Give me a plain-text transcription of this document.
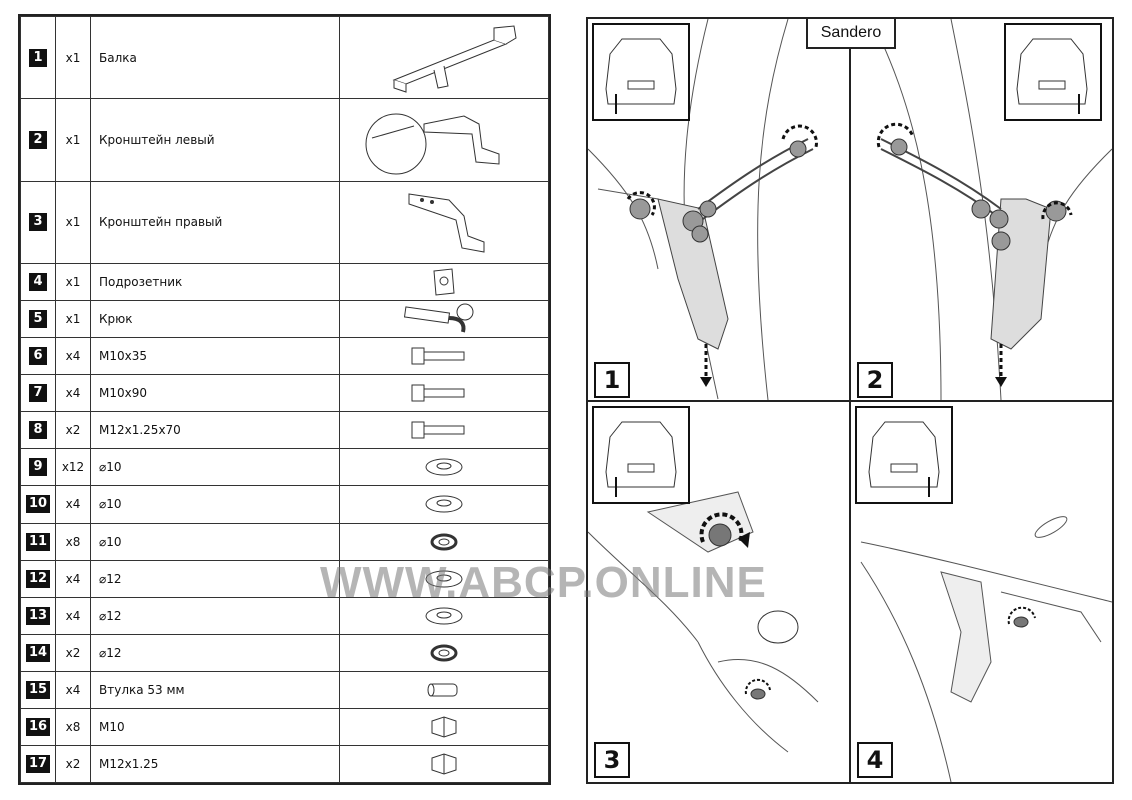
1	x1	Балка	

2	x1	Кронштейн левый	

3	x1	Кронштейн правый	

4	x1	Подрозетник	

5	x1	Крюк	

6	x4	M10x35	

7	x4	M10x90	

8	x2	M12x1.25x70	

9	x12	⌀10	

10	x4	⌀10	

11	x8	⌀10	

12	x4	⌀12	

13	x4	⌀12	

14	x2	⌀12	

15	x4	Втулка 53 мм	

16	x8	M10	

17	x2	M12x1.25	
1	2
3	4
Sandero
WWW.ABCP.ONLINE
